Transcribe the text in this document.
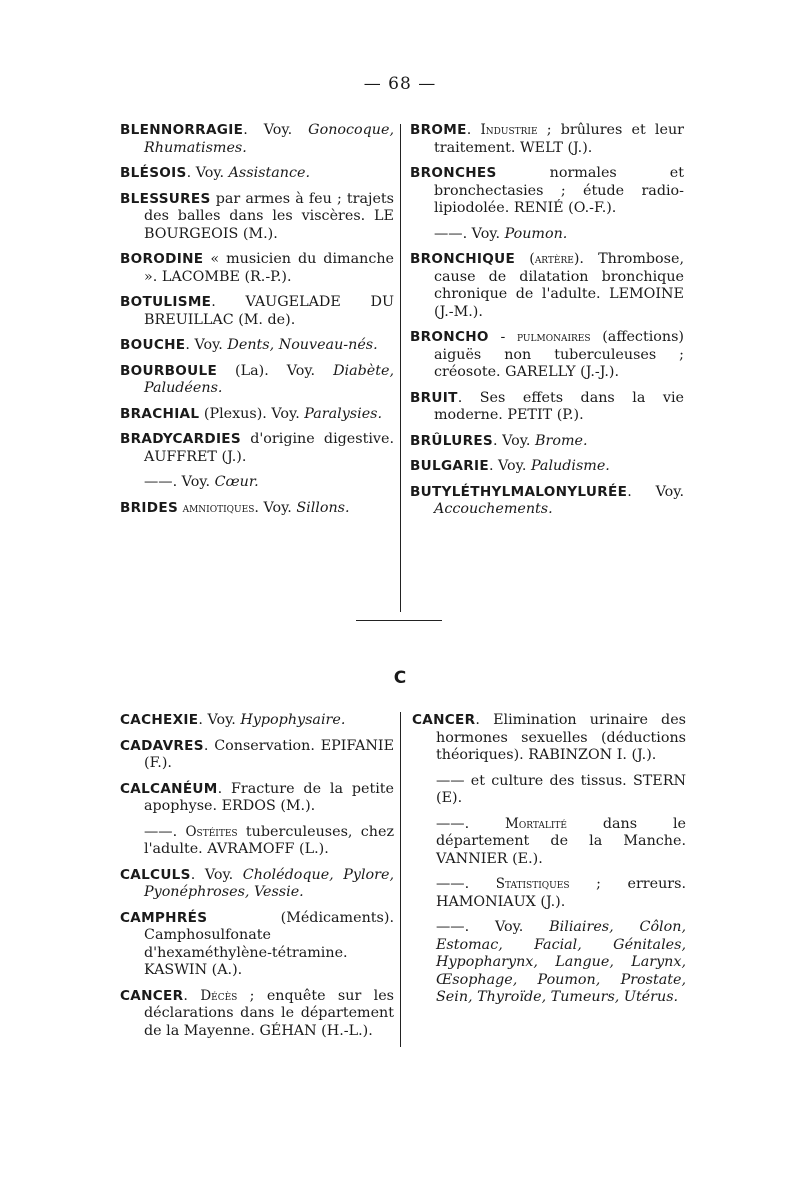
— 68 —

BLENNORRAGIE. Voy. Gonocoque, Rhumatismes.

BLÉSOIS. Voy. Assistance.

BLESSURES par armes à feu ; trajets des balles dans les viscères. LE BOURGEOIS (M.).

BORODINE « musicien du dimanche ». LACOMBE (R.-P.).

BOTULISME. VAUGELADE DU BREUILLAC (M. de).

BOUCHE. Voy. Dents, Nouveau-nés.

BOURBOULE (La). Voy. Diabète, Paludéens.

BRACHIAL (Plexus). Voy. Paralysies.

BRADYCARDIES d'origine digestive. AUFFRET (J.).

——. Voy. Cœur.

BRIDES amniotiques. Voy. Sillons.

BROME. Industrie ; brûlures et leur traitement. WELT (J.).

BRONCHES	normales et bronchectasies ; étude radio-lipiodolée. RENIÉ (O.-F.).

——. Voy. Poumon.

BRONCHIQUE (artère). Thrombose, cause de dilatation bronchique chronique de l'adulte. LEMOINE (J.-M.).

BRONCHO - pulmonaires (affections) aiguës non tuberculeuses ; créosote. GARELLY (J.-J.).

BRUIT. Ses effets dans la vie moderne. PETIT (P.).

BRÛLURES. Voy. Brome.

BULGARIE. Voy. Paludisme.

BUTYLÉTHYLMALONYLURÉE. Voy. Accouchements.

C

CACHEXIE. Voy. Hypophysaire.

CADAVRES. Conservation. EPIFANIE (F.).

CALCANÉUM. Fracture de la petite apophyse. ERDOS (M.).

——. Ostéites tuberculeuses, chez l'adulte. AVRAMOFF (L.).

CALCULS. Voy. Cholédoque, Pylore, Pyonéphroses, Vessie.

CAMPHRÉS	(Médicaments). Camphosulfonate d'hexaméthylène-tétramine. KASWIN (A.).

CANCER. Décès ; enquête sur les déclarations dans le département de la Mayenne. GÉHAN (H.-L.).

CANCER. Elimination urinaire des hormones sexuelles (déductions théoriques). RABINZON I. (J.).

—— et culture des tissus. STERN (E).

——. Mortalité dans le département de la Manche. VANNIER (E.).

——. Statistiques ; erreurs. HAMONIAUX (J.).

——. Voy. Biliaires, Côlon, Estomac, Facial, Génitales, Hypopharynx, Langue, Larynx, Œsophage, Poumon, Prostate, Sein, Thyroïde, Tumeurs, Utérus.
